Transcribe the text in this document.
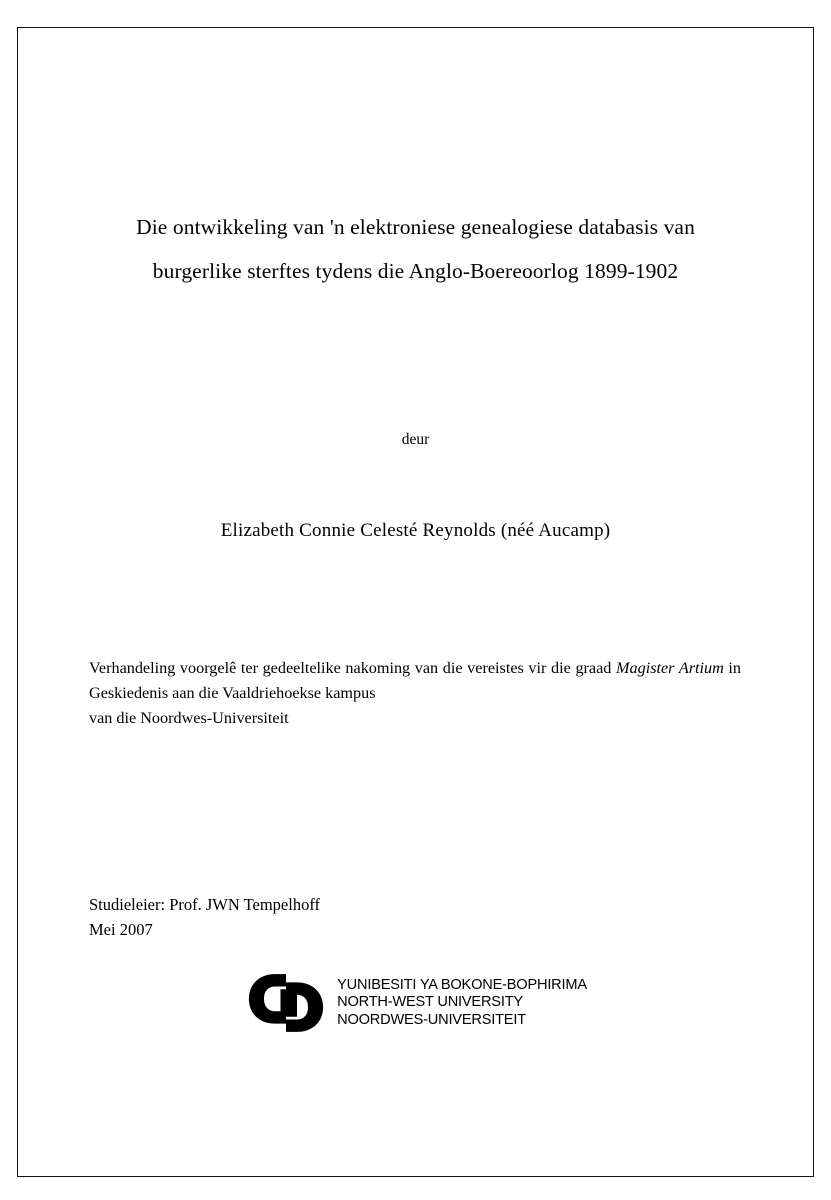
Die ontwikkeling van 'n elektroniese genealogiese databasis van
burgerlike sterftes tydens die Anglo-Boereoorlog 1899-1902
deur
Elizabeth Connie Celesté Reynolds (néé Aucamp)
Verhandeling voorgelê ter gedeeltelike nakoming van die vereistes vir die graad Magister Artium in Geskiedenis aan die Vaaldriehoekse kampus
van die Noordwes-Universiteit
Studieleier: Prof. JWN Tempelhoff
Mei 2007
YUNIBESITI YA BOKONE-BOPHIRIMA
NORTH-WEST UNIVERSITY
NOORDWES-UNIVERSITEIT
